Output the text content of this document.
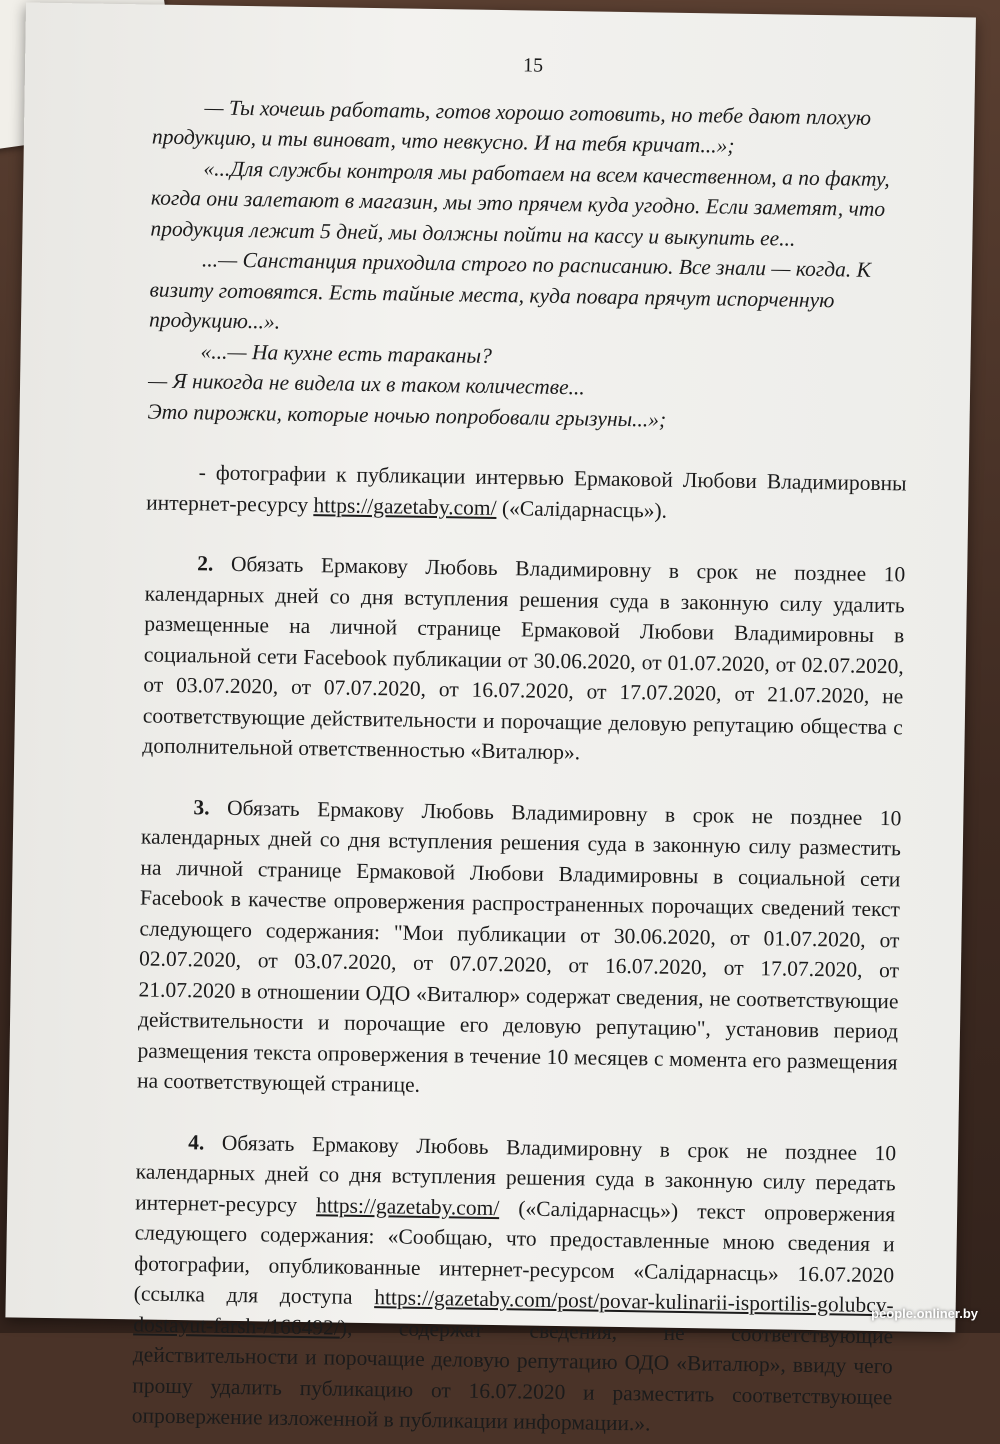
15

— Ты хочешь работать, готов хорошо готовить, но тебе дают плохую продукцию, и ты виноват, что невкусно. И на тебя кричат...»;

«...Для службы контроля мы работаем на всем качественном, а по факту, когда они залетают в магазин, мы это прячем куда угодно. Если заметят, что продукция лежит 5 дней, мы должны пойти на кассу и выкупить ее...

...— Санстанция приходила строго по расписанию. Все знали — когда. К визиту готовятся. Есть тайные места, куда повара прячут испорченную продукцию...».

«...— На кухне есть тараканы?

— Я никогда не видела их в таком количестве...

Это пирожки, которые ночью попробовали грызуны...»;

- фотографии к публикации интервью Ермаковой Любови Владимировны интернет-ресурсу https://gazetaby.com/ («Салідарнасць»).

2. Обязать Ермакову Любовь Владимировну в срок не позднее 10 календарных дней со дня вступления решения суда в законную силу удалить размещенные на личной странице Ермаковой Любови Владимировны в социальной сети Facebook публикации от 30.06.2020, от 01.07.2020, от 02.07.2020, от 03.07.2020, от 07.07.2020, от 16.07.2020, от 17.07.2020, от 21.07.2020, не соответствующие действительности и порочащие деловую репутацию общества с дополнительной ответственностью «Виталюр».

3. Обязать Ермакову Любовь Владимировну в срок не позднее 10 календарных дней со дня вступления решения суда в законную силу разместить на личной странице Ермаковой Любови Владимировны в социальной сети Facebook в качестве опровержения распространенных порочащих сведений текст следующего содержания: "Мои публикации от 30.06.2020, от 01.07.2020, от 02.07.2020, от 03.07.2020, от 07.07.2020, от 16.07.2020, от 17.07.2020, от 21.07.2020 в отношении ОДО «Виталюр» содержат сведения, не соответствующие действительности и порочащие его деловую репутацию", установив период размещения текста опровержения в течение 10 месяцев с момента его размещения на соответствующей странице.

4. Обязать Ермакову Любовь Владимировну в срок не позднее 10 календарных дней со дня вступления решения суда в законную силу передать интернет-ресурсу https://gazetaby.com/ («Салідарнасць») текст опровержения следующего содержания: «Сообщаю, что предоставленные мною сведения и фотографии, опубликованные интернет-ресурсом «Салідарнасць» 16.07.2020 (ссылка для доступа https://gazetaby.com/post/povar-kulinarii-isportilis-golubcy-dostayut-farsh-/166492/), содержат сведения, не соответствующие действительности и порочащие деловую репутацию ОДО «Виталюр», ввиду чего прошу удалить публикацию от 16.07.2020 и разместить соответствующее опровержение изложенной в публикации информации.».

people.onliner.by
